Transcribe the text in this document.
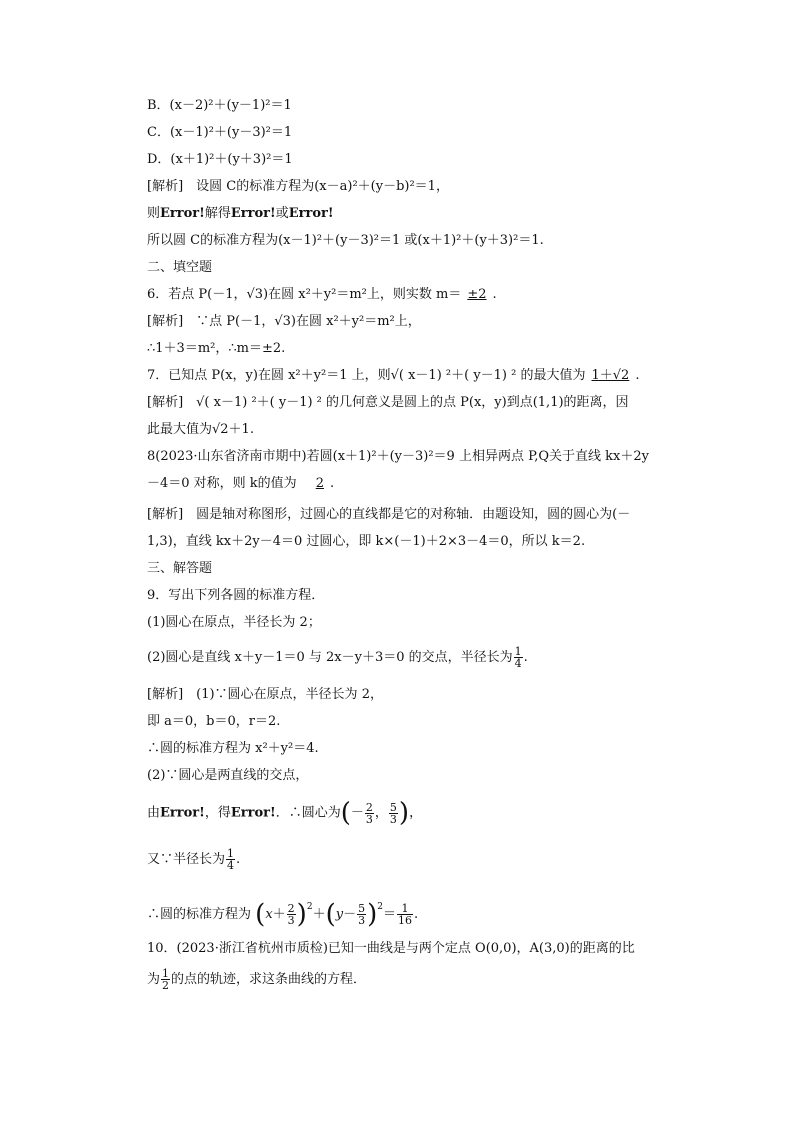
B．(x－2)²＋(y－1)²＝1
C．(x－1)²＋(y－3)²＝1
D．(x＋1)²＋(y＋3)²＝1
[解析]　设圆 C的标准方程为(x－a)²＋(y－b)²＝1，
则Error!解得Error!或Error!
所以圆 C的标准方程为(x－1)²＋(y－3)²＝1 或(x＋1)²＋(y＋3)²＝1.
二、填空题
6．若点 P(－1，√3)在圆 x²＋y²＝m²上，则实数 m＝ ±2 .
[解析]　∵点 P(－1，√3)在圆 x²＋y²＝m²上，
∴1＋3＝m²，∴m＝±2.
7．已知点 P(x，y)在圆 x²＋y²＝1 上，则√( x－1) ²＋( y－1) ² 的最大值为 1＋√2 .
[解析]　√( x－1) ²＋( y－1) ² 的几何意义是圆上的点 P(x，y)到点(1,1)的距离，因
此最大值为√2＋1.
8(2023·山东省济南市期中)若圆(x＋1)²＋(y－3)²＝9 上相异两点 P,Q关于直线 kx＋2y
－4＝0 对称，则 k的值为　2 .
[解析]　圆是轴对称图形，过圆心的直线都是它的对称轴．由题设知，圆的圆心为(－
1,3)，直线 kx＋2y－4＝0 过圆心，即 k×(－1)＋2×3－4＝0，所以 k＝2.
三、解答题
9．写出下列各圆的标准方程．
(1)圆心在原点，半径长为 2；
(2)圆心是直线 x＋y－1＝0 与 2x－y＋3＝0 的交点，半径长为 $\frac{1}{4}$ .
[解析]　(1)∵圆心在原点，半径长为 2，
即 a＝0，b＝0，r＝2.
∴圆的标准方程为 x²＋y²＝4.
(2)∵圆心是两直线的交点，
由Error!，得Error!．∴圆心为(－ $\frac{2}{3}$ ， $\frac{5}{3}$ )，
又∵半径长为 $\frac{1}{4}$ .
∴圆的标准方程为 $(x+ \frac{2}{3} )^2+(y- \frac{5}{3} )^2= \frac{1}{16}$ .
10．(2023·浙江省杭州市质检)已知一曲线是与两个定点 O(0,0)，A(3,0)的距离的比
为 $\frac{1}{2}$ 的点的轨迹，求这条曲线的方程．
